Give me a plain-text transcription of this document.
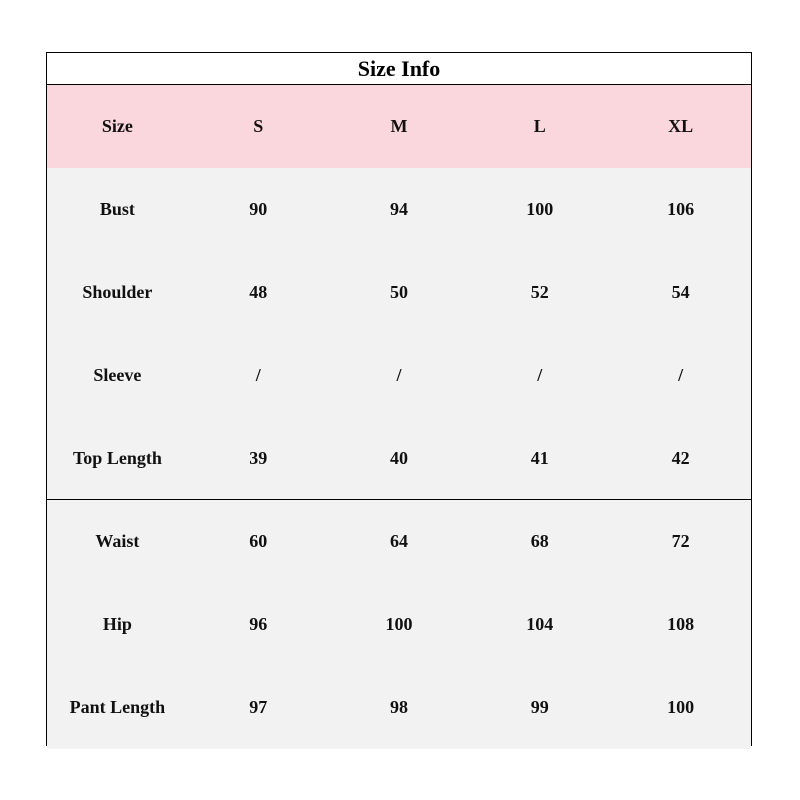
Size Info
Size	S	M	L	XL
Bust	90	94	100	106
Shoulder	48	50	52	54
Sleeve	/	/	/	/
Top Length	39	40	41	42
Waist	60	64	68	72
Hip	96	100	104	108
Pant Length	97	98	99	100
